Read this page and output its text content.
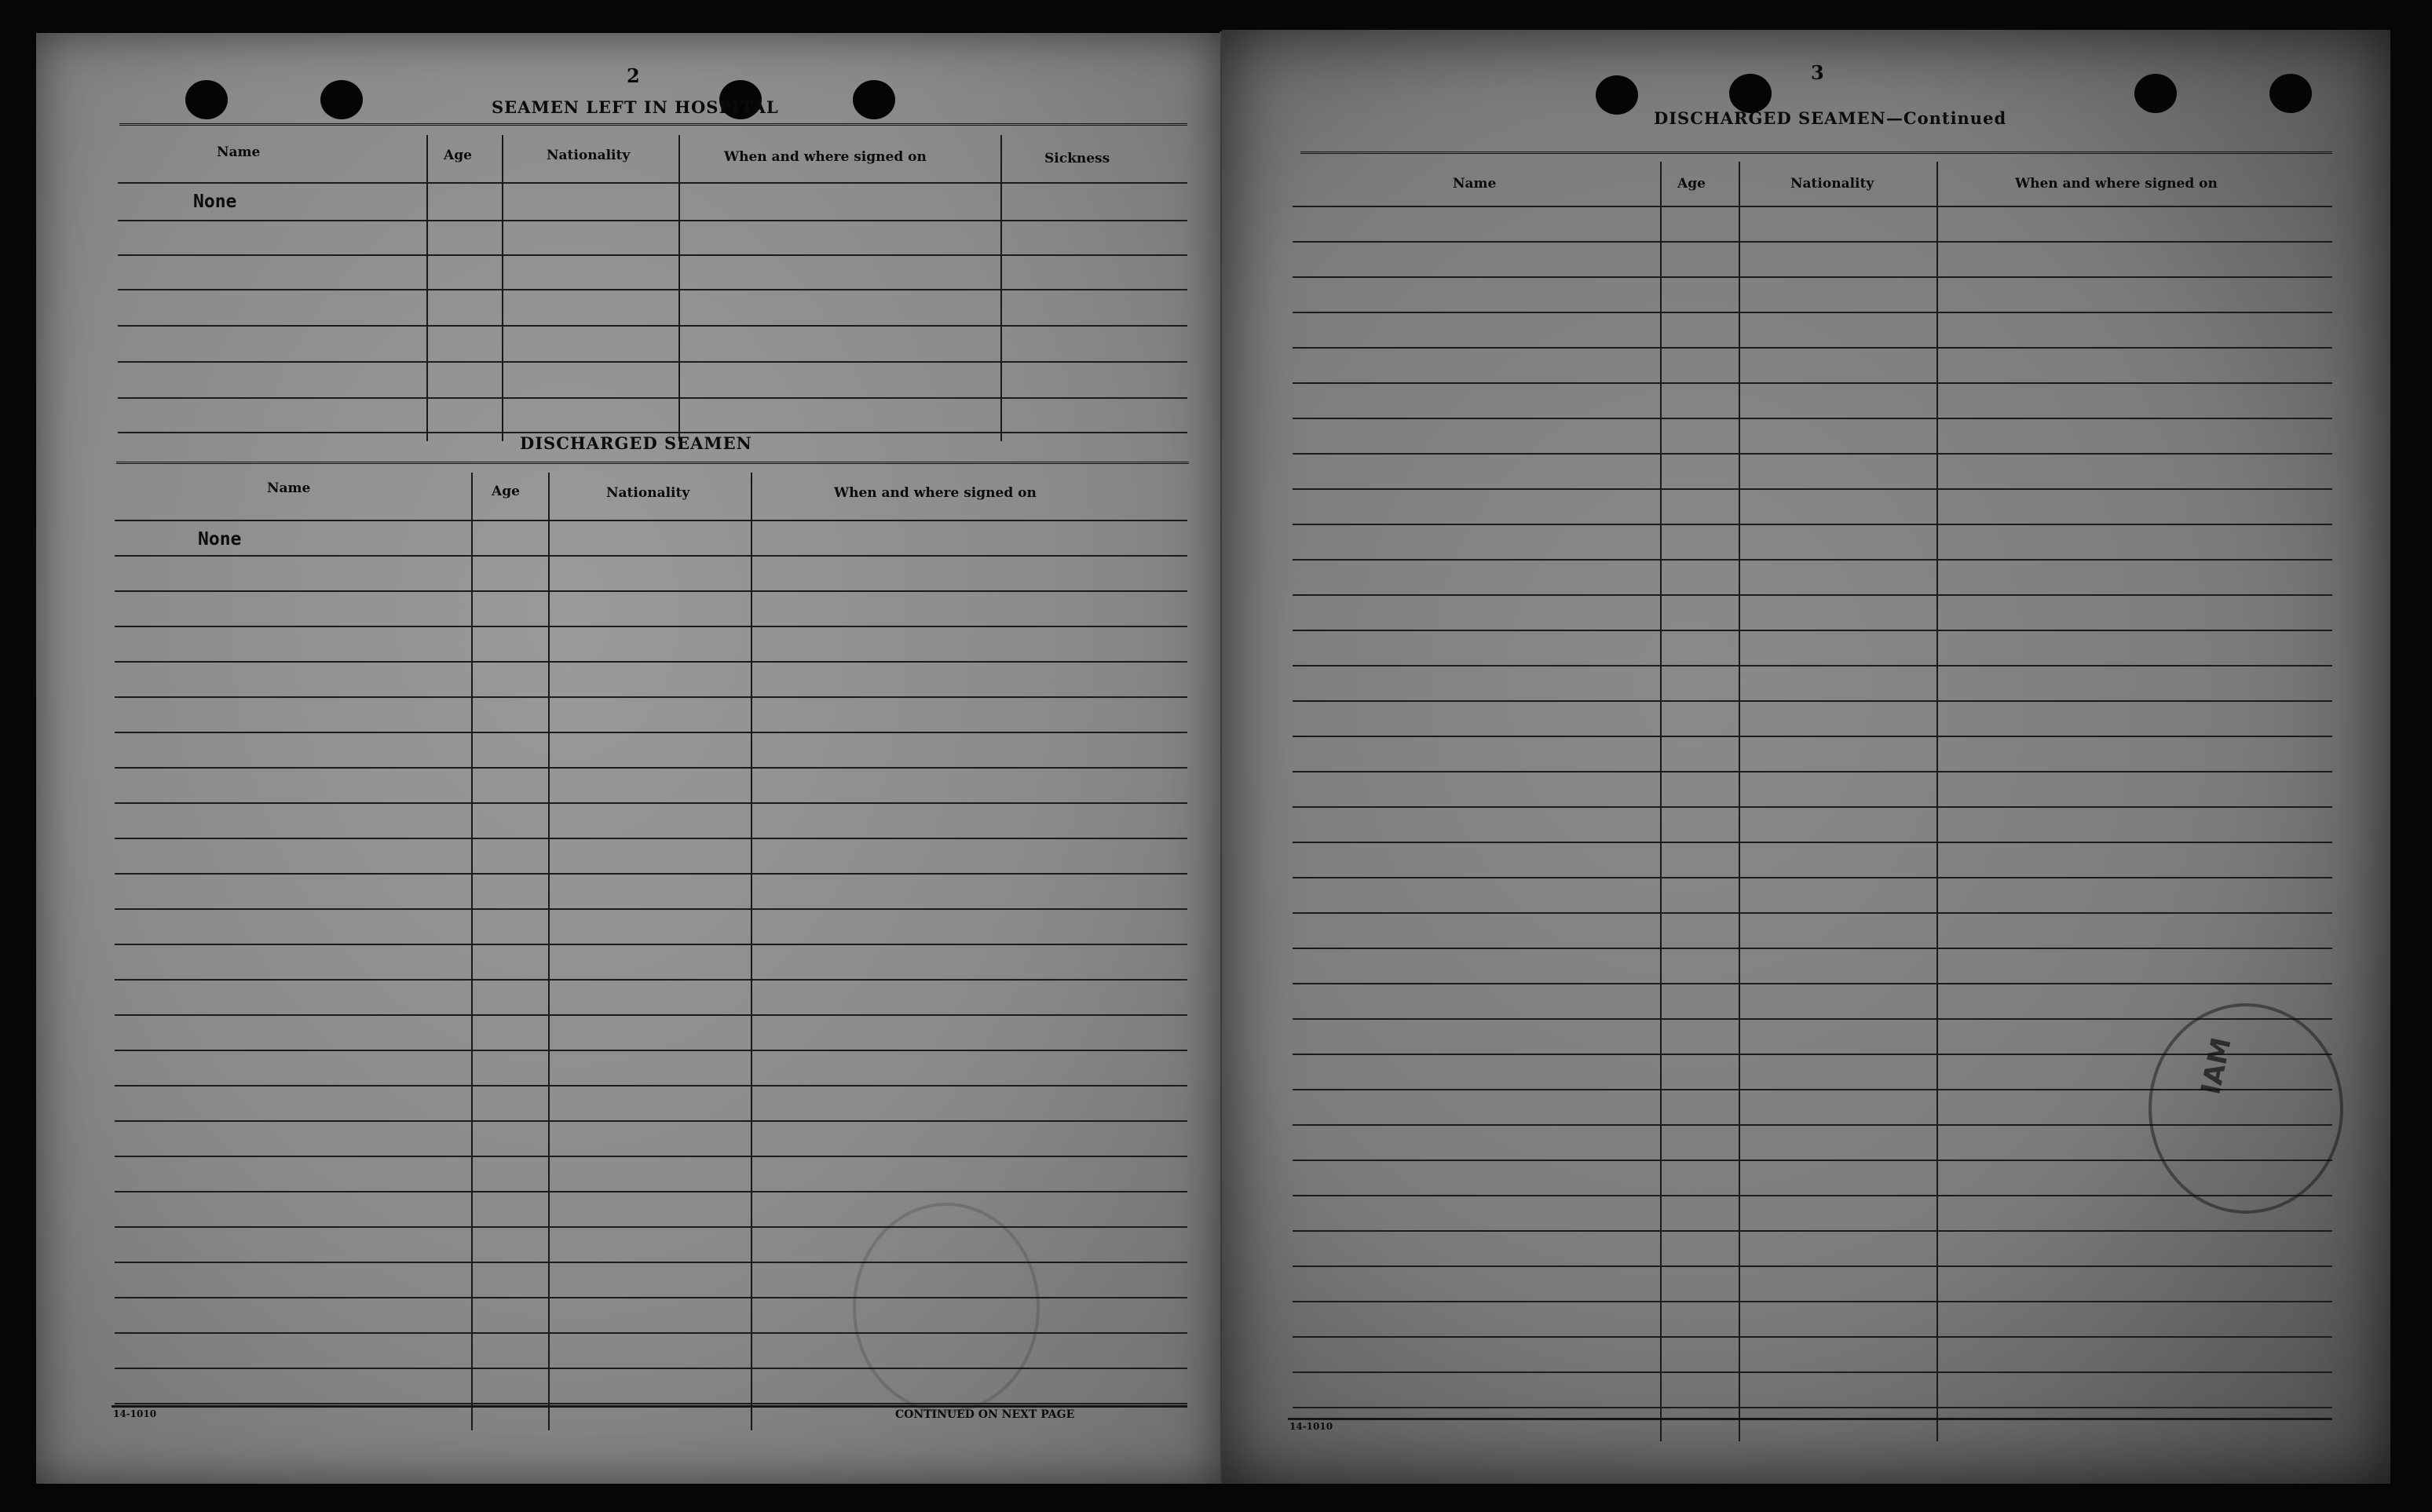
2
SEAMEN LEFT IN HOSPITAL
Name	Age	Nationality	When and where signed on	Sickness
None
DISCHARGED SEAMEN
Name	Age	Nationality	When and where signed on
None
14-1010	CONTINUED ON NEXT PAGE
3
DISCHARGED SEAMEN—Continued
Name	Age	Nationality	When and where signed on
14-1010
IAM
